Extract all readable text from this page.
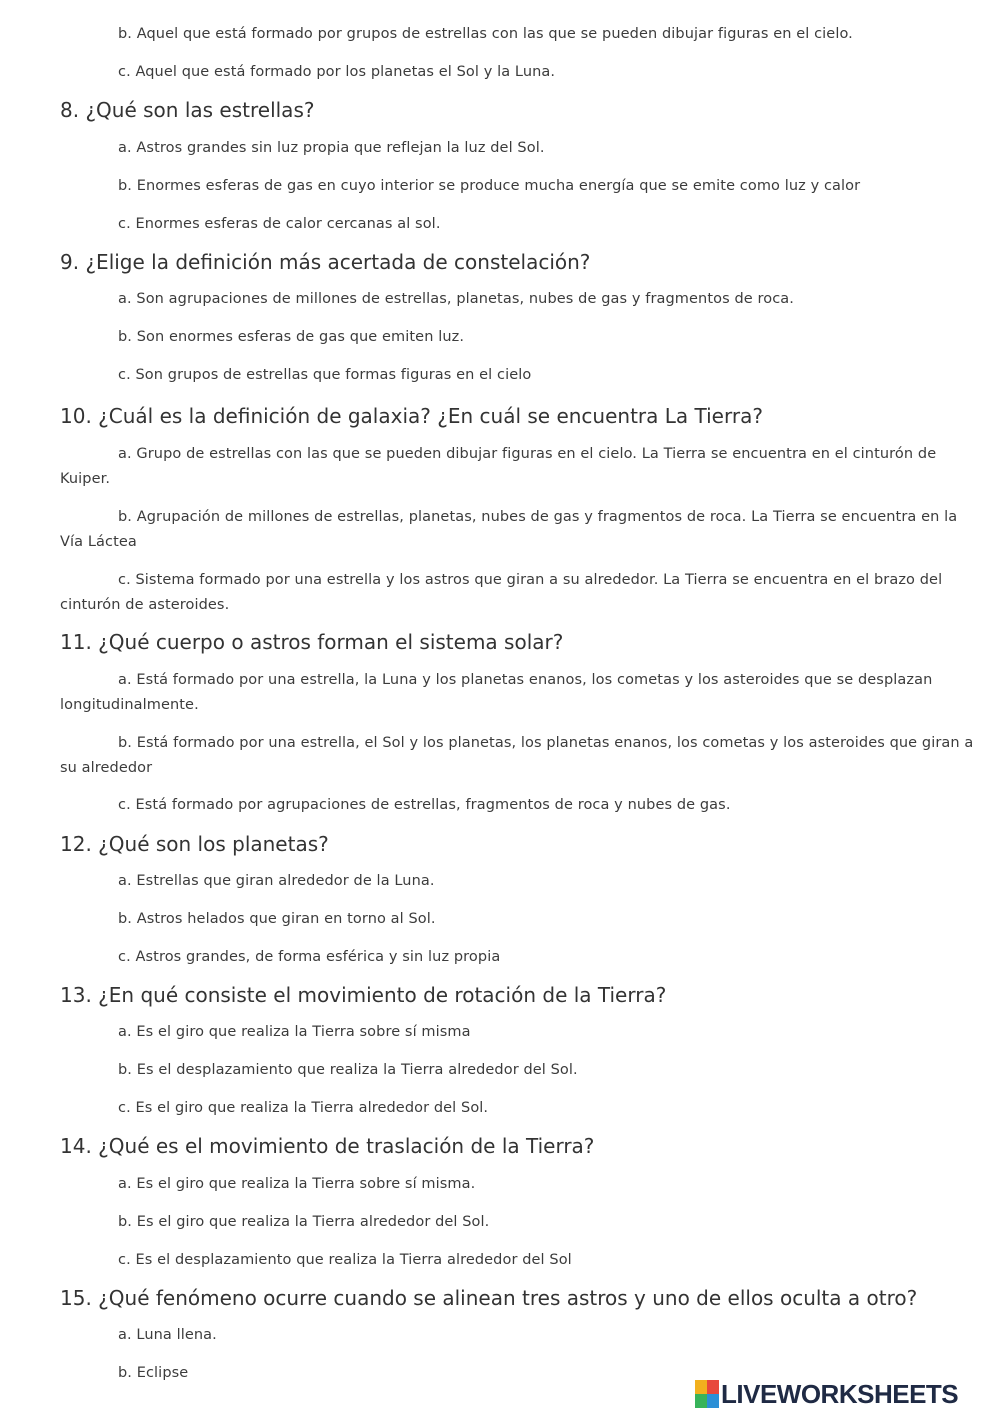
b. Aquel que está formado por grupos de estrellas con las que se pueden dibujar figuras en el cielo.
c. Aquel que está formado por los planetas el Sol y la Luna.
8. ¿Qué son las estrellas?
a. Astros grandes sin luz propia que reflejan la luz del Sol.
b. Enormes esferas de gas en cuyo interior se produce mucha energía que se emite como luz y calor
c. Enormes esferas de calor cercanas al sol.
9. ¿Elige la definición más acertada de constelación?
a. Son agrupaciones de millones de estrellas, planetas, nubes de gas y fragmentos de roca.
b. Son enormes esferas de gas que emiten luz.
c. Son grupos de estrellas que formas figuras en el cielo
10. ¿Cuál es la definición de galaxia? ¿En cuál se encuentra La Tierra?
a. Grupo de estrellas con las que se pueden dibujar figuras en el cielo. La Tierra se encuentra en el cinturón de Kuiper.
b. Agrupación de millones de estrellas, planetas, nubes de gas y fragmentos de roca. La Tierra se encuentra en la Vía Láctea
c. Sistema formado por una estrella y los astros que giran a su alrededor. La Tierra se encuentra en el brazo del cinturón de asteroides.
11. ¿Qué cuerpo o astros forman el sistema solar?
a. Está formado por una estrella, la Luna y los planetas enanos, los cometas y los asteroides que se desplazan longitudinalmente.
b. Está formado por una estrella, el Sol y los planetas, los planetas enanos, los cometas y los asteroides que giran a su alrededor
c. Está formado por agrupaciones de estrellas, fragmentos de roca y nubes de gas.
12. ¿Qué son los planetas?
a. Estrellas que giran alrededor de la Luna.
b. Astros helados que giran en torno al Sol.
c. Astros grandes, de forma esférica y sin luz propia
13. ¿En qué consiste el movimiento de rotación de la Tierra?
a. Es el giro que realiza la Tierra sobre sí misma
b. Es el desplazamiento que realiza la Tierra alrededor del Sol.
c. Es el giro que realiza la Tierra alrededor del Sol.
14. ¿Qué es el movimiento de traslación de la Tierra?
a. Es el giro que realiza la Tierra sobre sí misma.
b. Es el giro que realiza la Tierra alrededor del Sol.
c. Es el desplazamiento que realiza la Tierra alrededor del Sol
15. ¿Qué fenómeno ocurre cuando se alinean tres astros y uno de ellos oculta a otro?
a. Luna llena.
b. Eclipse
LIVEWORKSHEETS
